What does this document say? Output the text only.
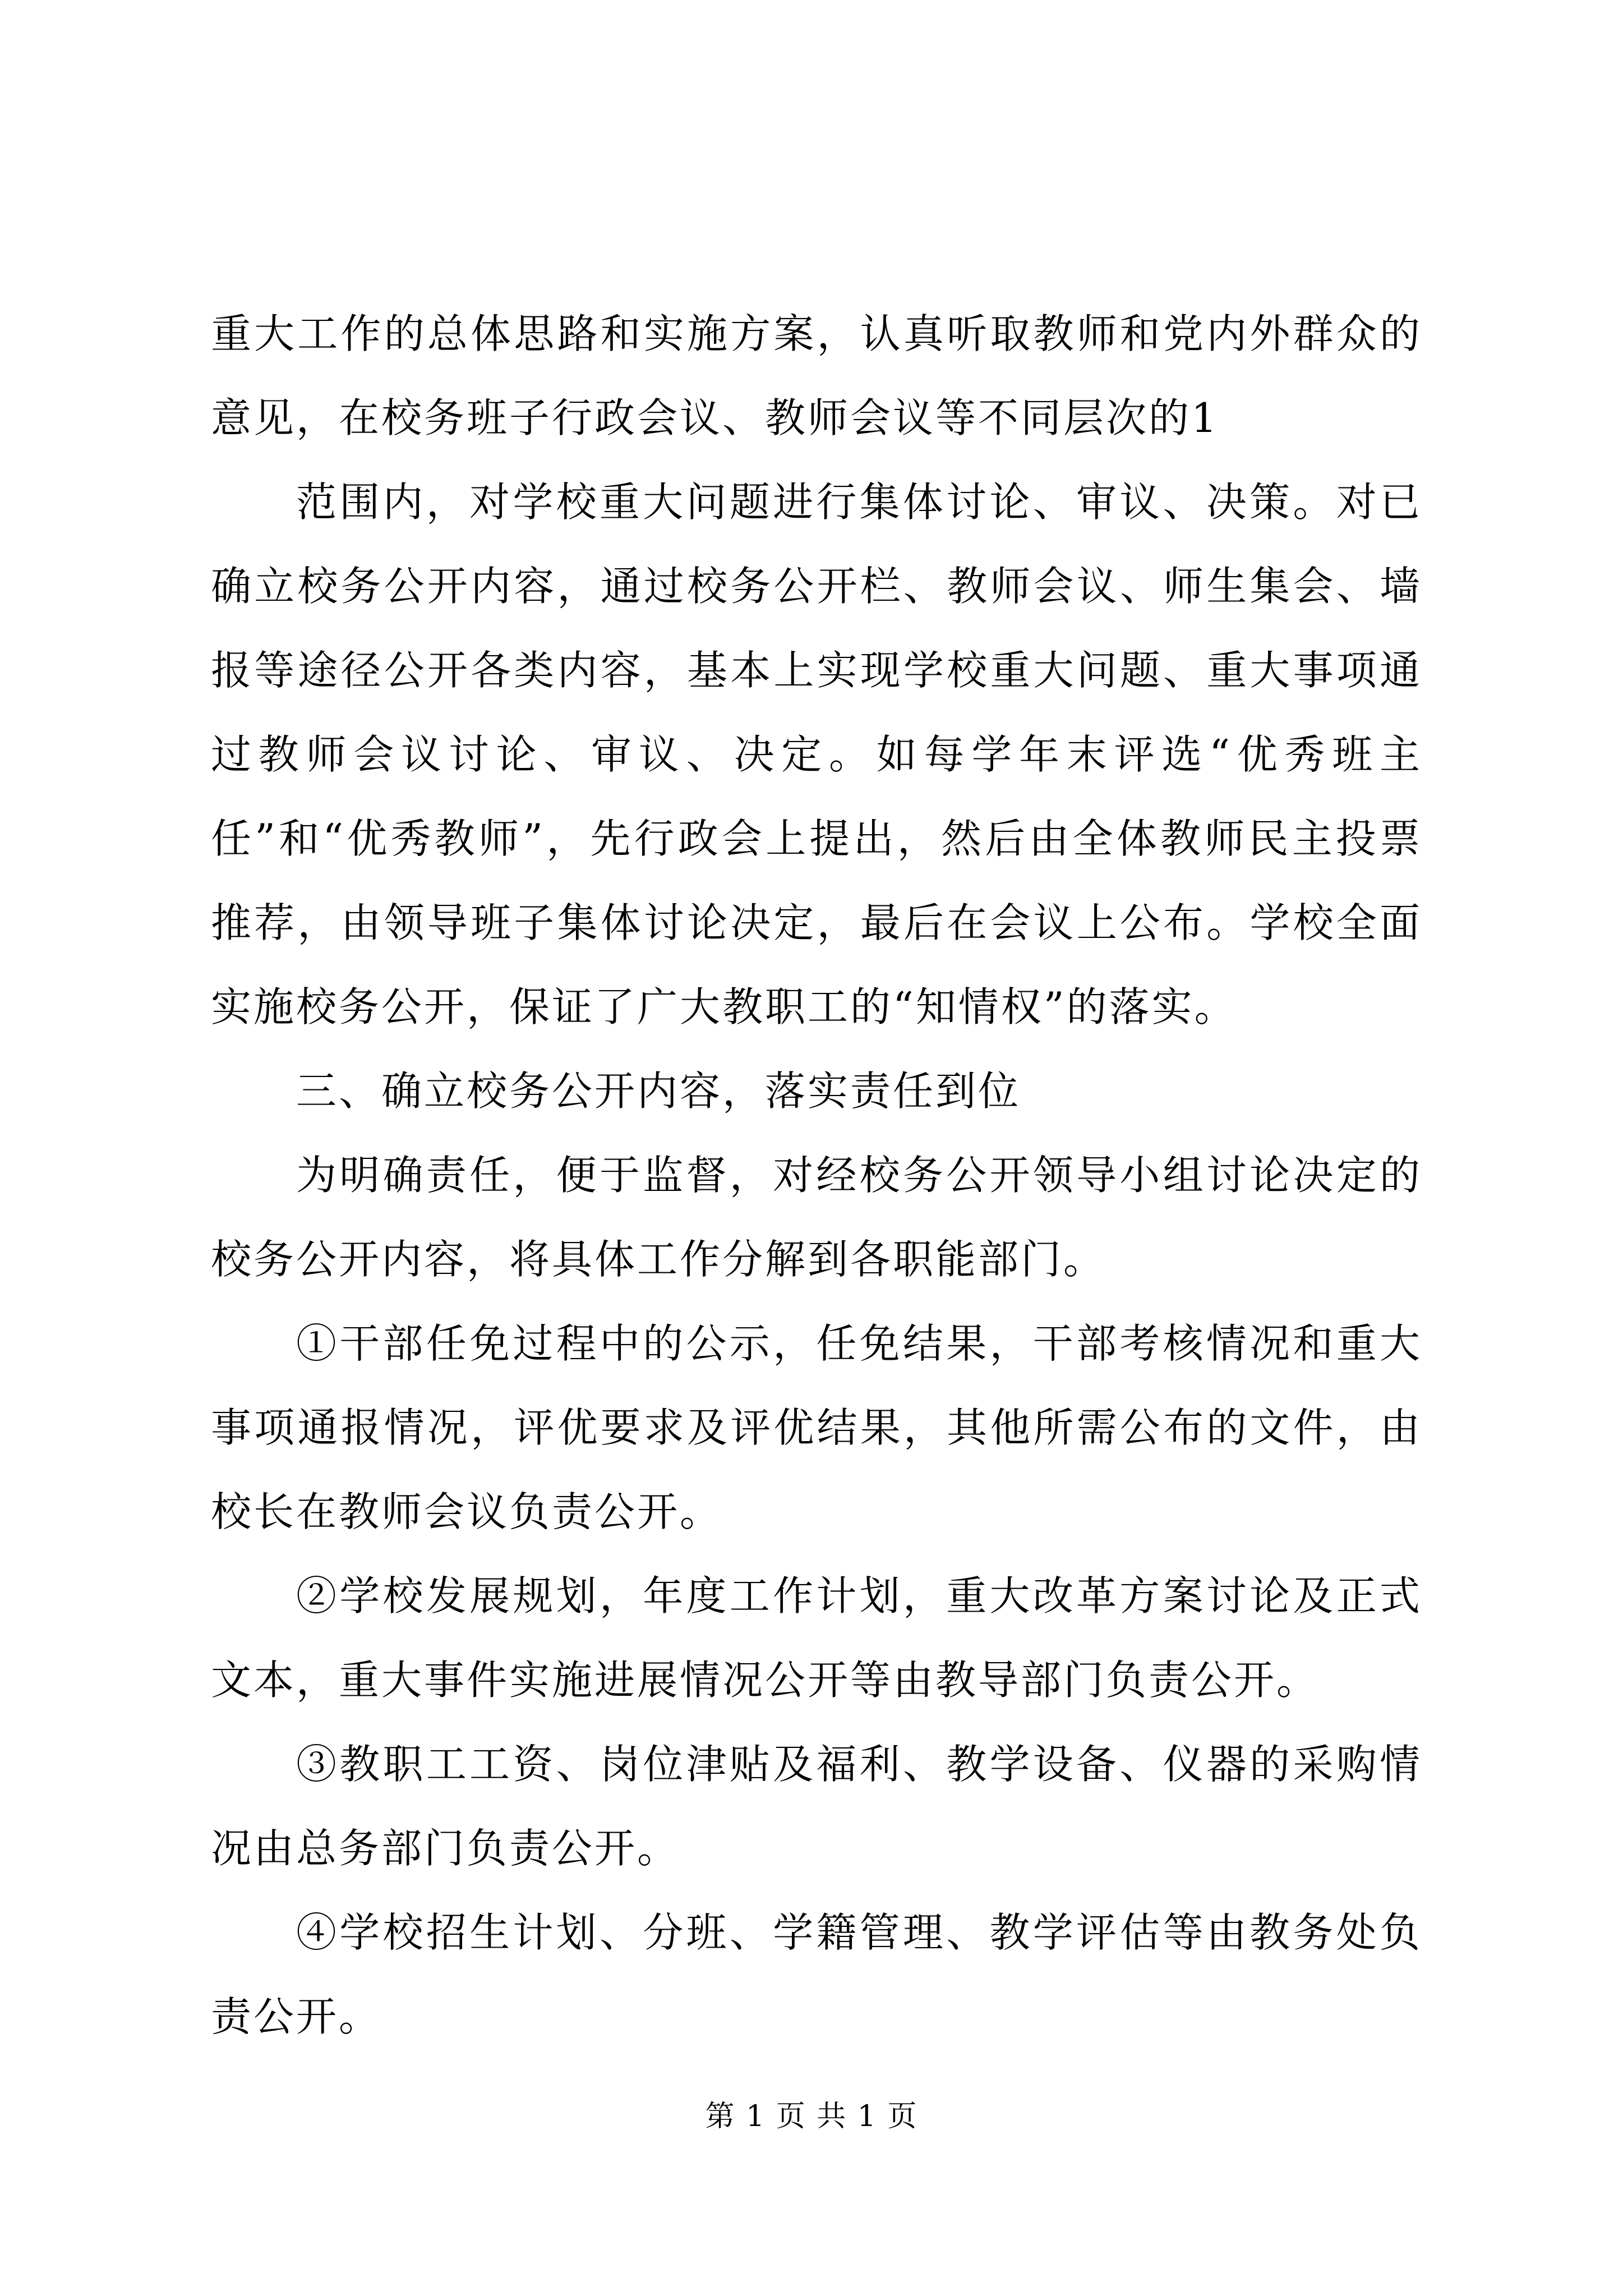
重大工作的总体思路和实施方案，认真听取教师和党内外群众的意见，在校务班子行政会议、教师会议等不同层次的1

范围内，对学校重大问题进行集体讨论、审议、决策。对已确立校务公开内容，通过校务公开栏、教师会议、师生集会、墙报等途径公开各类内容，基本上实现学校重大问题、重大事项通过教师会议讨论、审议、决定。如每学年末评选“优秀班主任”和“优秀教师”，先行政会上提出，然后由全体教师民主投票推荐，由领导班子集体讨论决定，最后在会议上公布。学校全面实施校务公开，保证了广大教职工的“知情权”的落实。

三、确立校务公开内容，落实责任到位

为明确责任，便于监督，对经校务公开领导小组讨论决定的校务公开内容，将具体工作分解到各职能部门。

①干部任免过程中的公示，任免结果，干部考核情况和重大事项通报情况，评优要求及评优结果，其他所需公布的文件，由校长在教师会议负责公开。

②学校发展规划，年度工作计划，重大改革方案讨论及正式文本，重大事件实施进展情况公开等由教导部门负责公开。

③教职工工资、岗位津贴及福利、教学设备、仪器的采购情况由总务部门负责公开。

④学校招生计划、分班、学籍管理、教学评估等由教务处负责公开。

第 1 页 共 1 页
